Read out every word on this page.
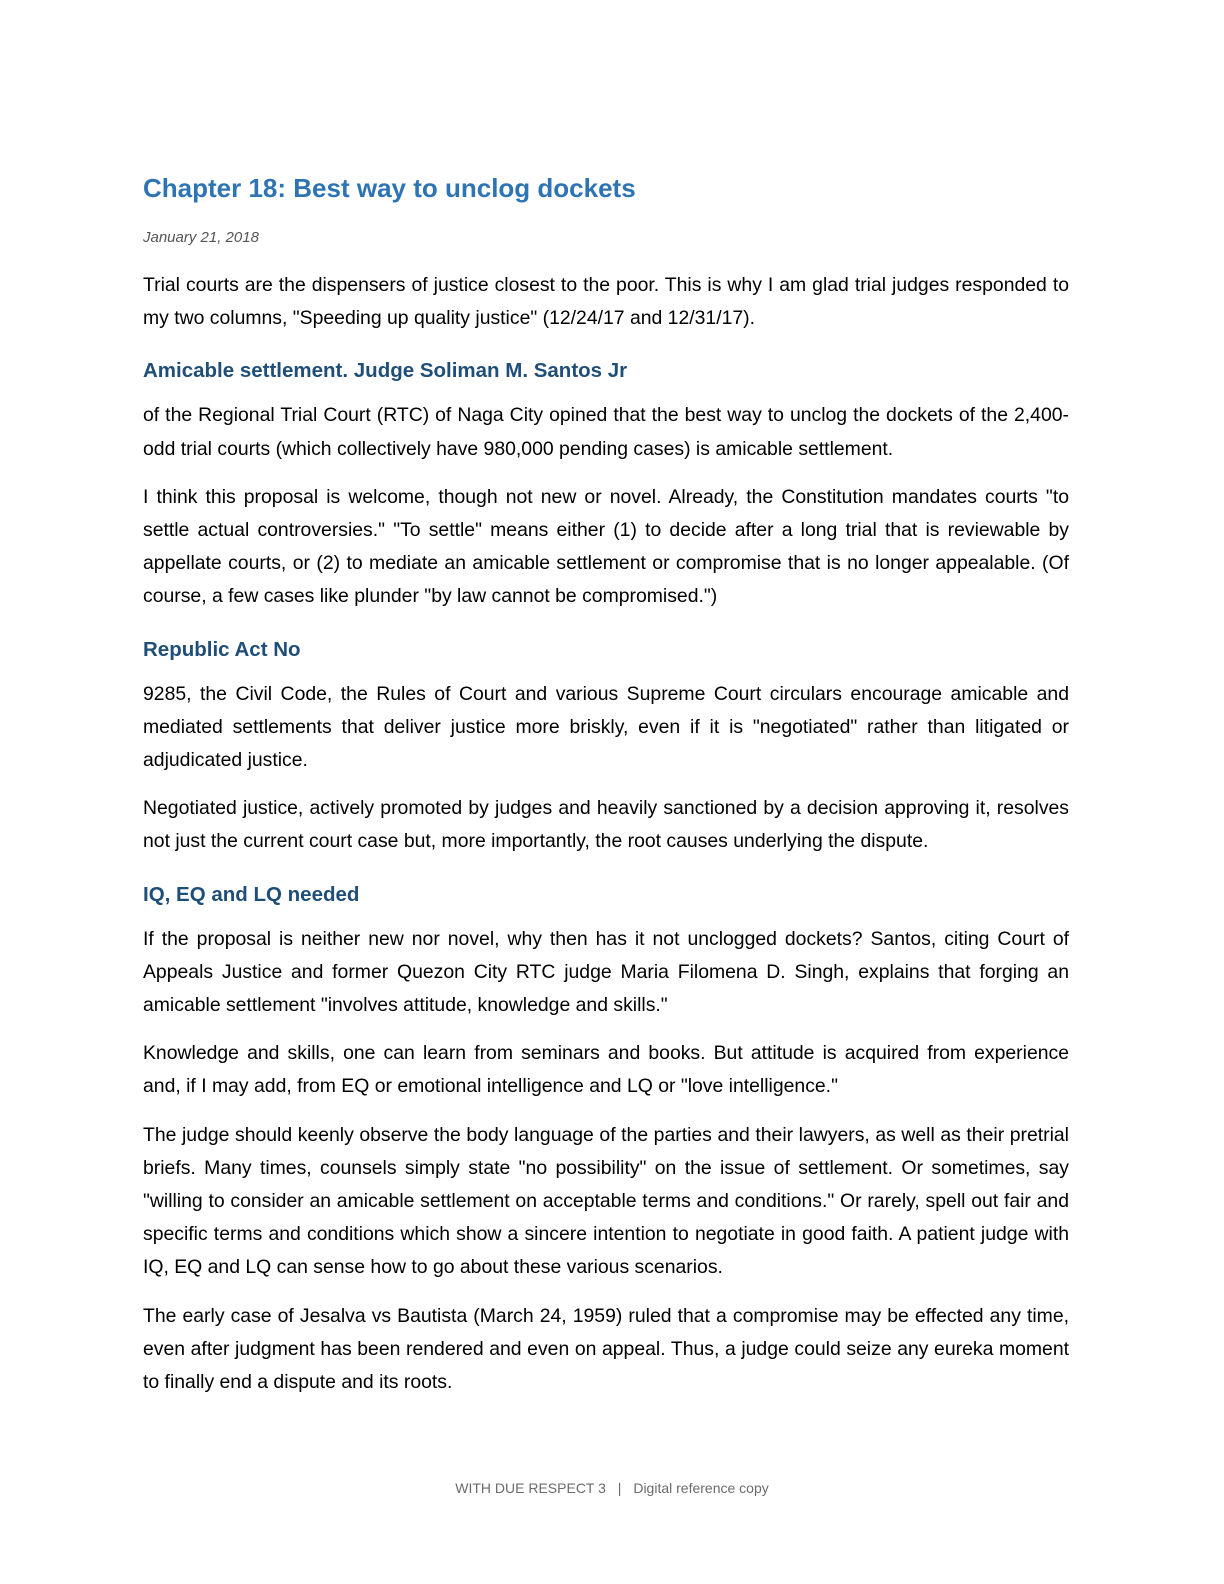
Chapter 18: Best way to unclog dockets
January 21, 2018

Trial courts are the dispensers of justice closest to the poor. This is why I am glad trial judges responded to my two columns, "Speeding up quality justice" (12/24/17 and 12/31/17).

Amicable settlement. Judge Soliman M. Santos Jr

of the Regional Trial Court (RTC) of Naga City opined that the best way to unclog the dockets of the 2,400-odd trial courts (which collectively have 980,000 pending cases) is amicable settlement.

I think this proposal is welcome, though not new or novel. Already, the Constitution mandates courts "to settle actual controversies." "To settle" means either (1) to decide after a long trial that is reviewable by appellate courts, or (2) to mediate an amicable settlement or compromise that is no longer appealable. (Of course, a few cases like plunder "by law cannot be compromised.")

Republic Act No

9285, the Civil Code, the Rules of Court and various Supreme Court circulars encourage amicable and mediated settlements that deliver justice more briskly, even if it is "negotiated" rather than litigated or adjudicated justice.

Negotiated justice, actively promoted by judges and heavily sanctioned by a decision approving it, resolves not just the current court case but, more importantly, the root causes underlying the dispute.

IQ, EQ and LQ needed

If the proposal is neither new nor novel, why then has it not unclogged dockets? Santos, citing Court of Appeals Justice and former Quezon City RTC judge Maria Filomena D. Singh, explains that forging an amicable settlement "involves attitude, knowledge and skills."

Knowledge and skills, one can learn from seminars and books. But attitude is acquired from experience and, if I may add, from EQ or emotional intelligence and LQ or "love intelligence."

The judge should keenly observe the body language of the parties and their lawyers, as well as their pretrial briefs. Many times, counsels simply state "no possibility" on the issue of settlement. Or sometimes, say "willing to consider an amicable settlement on acceptable terms and conditions." Or rarely, spell out fair and specific terms and conditions which show a sincere intention to negotiate in good faith. A patient judge with IQ, EQ and LQ can sense how to go about these various scenarios.

The early case of Jesalva vs Bautista (March 24, 1959) ruled that a compromise may be effected any time, even after judgment has been rendered and even on appeal. Thus, a judge could seize any eureka moment to finally end a dispute and its roots.

WITH DUE RESPECT 3 | Digital reference copy
